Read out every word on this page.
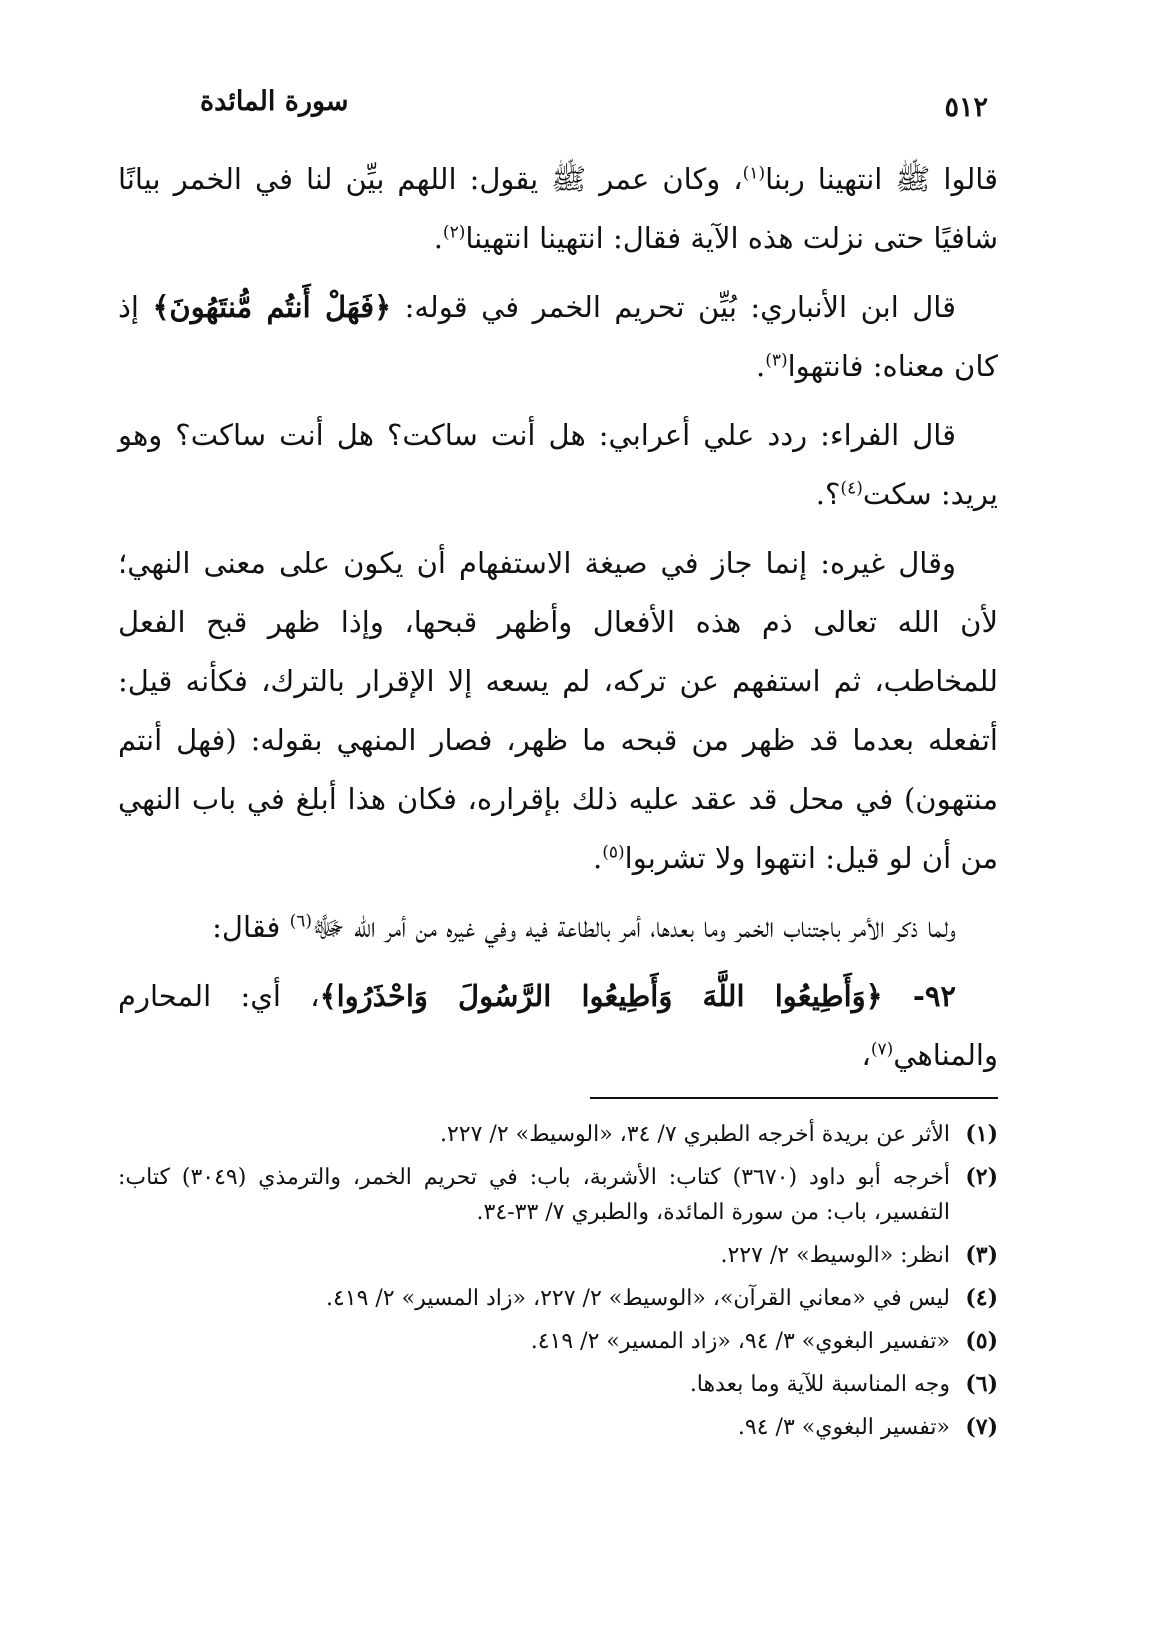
سورة المائدة	٥١٢

قالوا ﷺ انتهينا ربنا$^{(١)}$، وكان عمر ﷺ يقول: اللهم بيِّن لنا في الخمر بيانًا شافيًا حتى نزلت هذه الآية فقال: انتهينا انتهينا$^{(٢)}$.

قال ابن الأنباري: بُيِّن تحريم الخمر في قوله: ﴿فَهَلْ أَنتُم مُّنتَهُونَ﴾ إذ كان معناه: فانتهوا$^{(٣)}$.

قال الفراء: ردد علي أعرابي: هل أنت ساكت؟ هل أنت ساكت؟ وهو يريد: سكت$^{(٤)}$؟.

وقال غيره: إنما جاز في صيغة الاستفهام أن يكون على معنى النهي؛ لأن الله تعالى ذم هذه الأفعال وأظهر قبحها، وإذا ظهر قبح الفعل للمخاطب، ثم استفهم عن تركه، لم يسعه إلا الإقرار بالترك، فكأنه قيل: أتفعله بعدما قد ظهر من قبحه ما ظهر، فصار المنهي بقوله: (فهل أنتم منتهون) في محل قد عقد عليه ذلك بإقراره، فكان هذا أبلغ في باب النهي من أن لو قيل: انتهوا ولا تشربوا$^{(٥)}$.

ولما ذكر الأمر باجتناب الخمر وما بعدها، أمر بالطاعة فيه وفي غيره من أمر الله ﷻ$^{(٦)}$ فقال:

٩٢- ﴿وَأَطِيعُوا اللَّهَ وَأَطِيعُوا الرَّسُولَ وَاحْذَرُوا﴾، أي: المحارم والمناهي$^{(٧)}$،

(١)
الأثر عن بريدة أخرجه الطبري ٧/ ٣٤، «الوسيط» ٢/ ٢٢٧.
(٢)
أخرجه أبو داود (٣٦٧٠) كتاب: الأشربة، باب: في تحريم الخمر، والترمذي (٣٠٤٩) كتاب: التفسير، باب: من سورة المائدة، والطبري ٧/ ٣٣-٣٤.
(٣)
انظر: «الوسيط» ٢/ ٢٢٧.
(٤)
ليس في «معاني القرآن»، «الوسيط» ٢/ ٢٢٧، «زاد المسير» ٢/ ٤١٩.
(٥)
«تفسير البغوي» ٣/ ٩٤، «زاد المسير» ٢/ ٤١٩.
(٦)
وجه المناسبة للآية وما بعدها.
(٧)
«تفسير البغوي» ٣/ ٩٤.
